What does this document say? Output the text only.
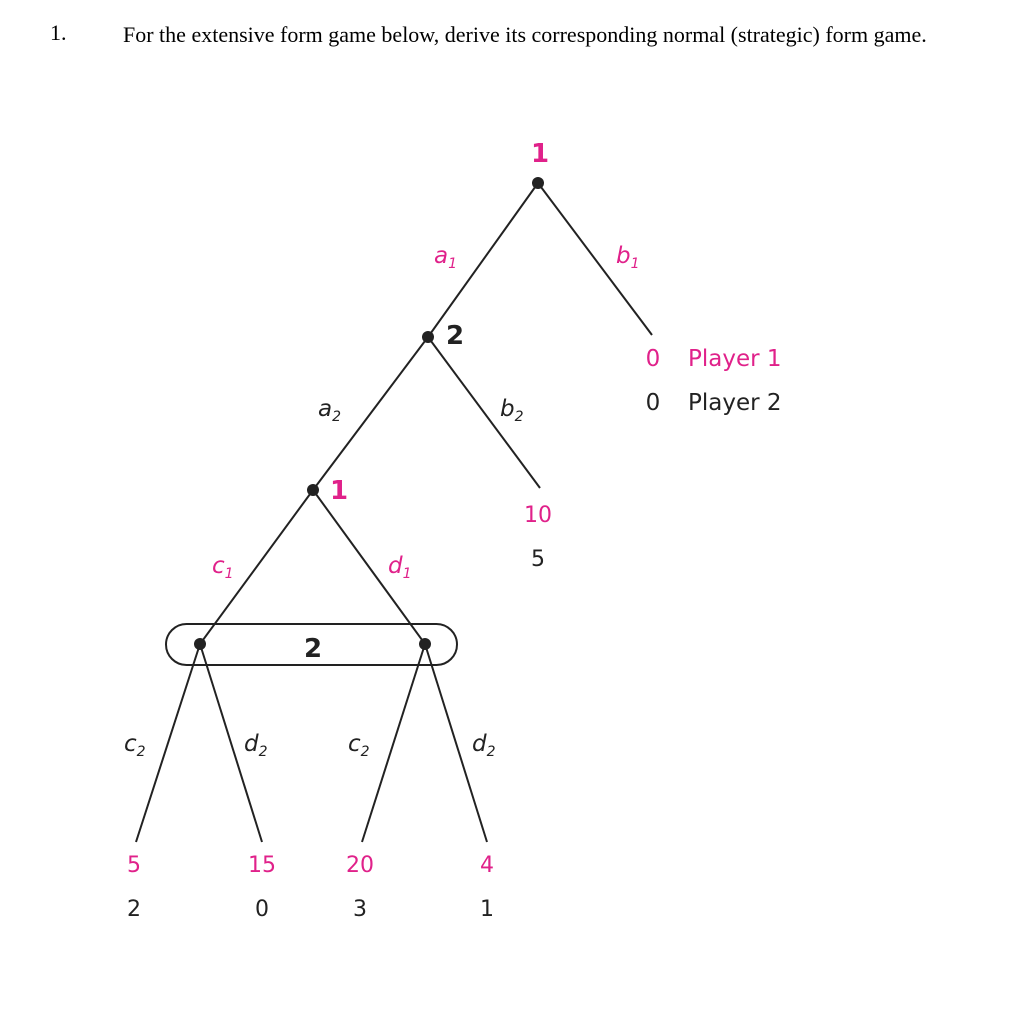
1.	For the extensive form game below, derive its corresponding normal (strategic) form game.
1
2
1
2
$a_1$	$b_1$
$c_1$	$d_1$
$a_2$	$b_2$
$c_2$	$d_2$	$c_2$	$d_2$
0 Player 1
0 Player 2
10
5
5
2
15
0
20
3
4
1
